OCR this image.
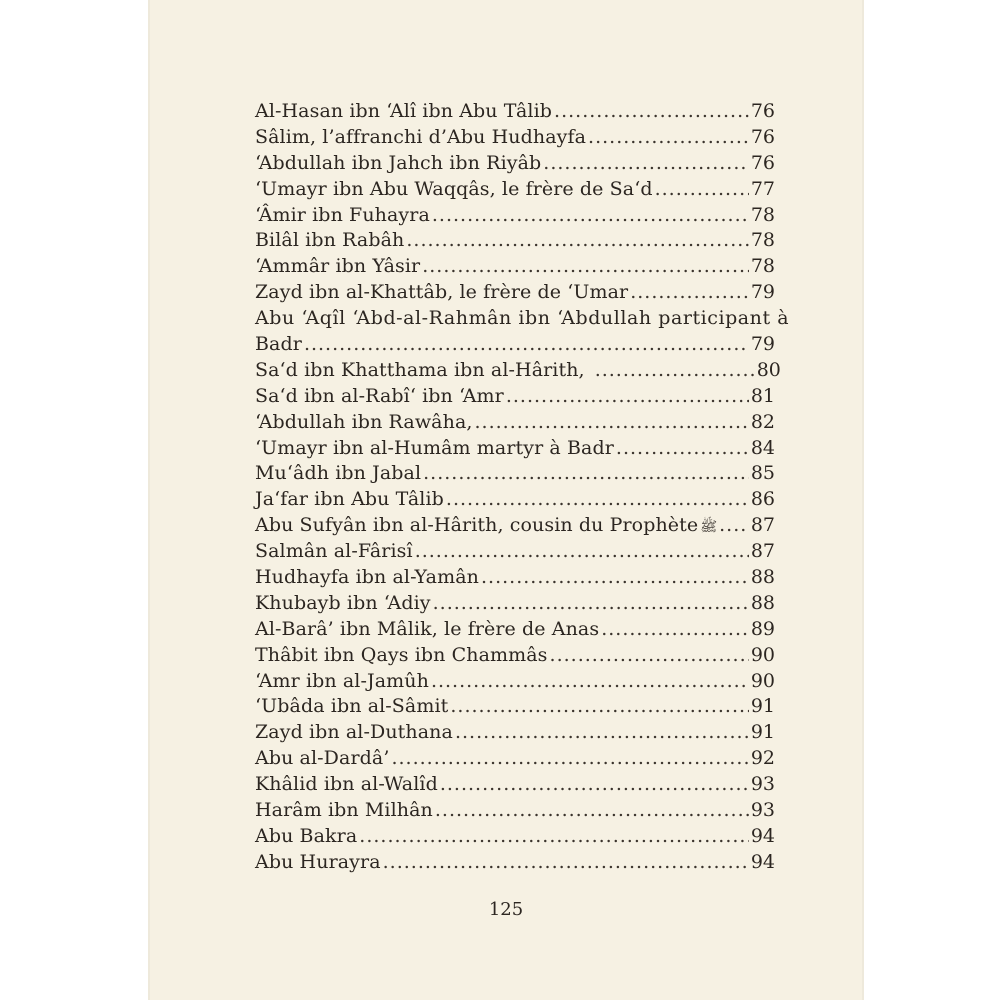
Al-Hasan ibn ‘Alî ibn Abu Tâlib .....	76
Sâlim, l’affranchi d’Abu Hudhayfa .....	76
‘Abdullah ibn Jahch ibn Riyâb .....	76
‘Umayr ibn Abu Waqqâs, le frère de Sa‘d .....	77
‘Âmir ibn Fuhayra .....	78
Bilâl ibn Rabâh .....	78
‘Ammâr ibn Yâsir .....	78
Zayd ibn al-Khattâb, le frère de ‘Umar .....	79
Abu ‘Aqîl ‘Abd-al-Rahmân ibn ‘Abdullah participant à
Badr .....	79
Sa‘d ibn Khatthama ibn al-Hârith, .....	80
Sa‘d ibn al-Rabî‘ ibn ‘Amr .....	81
‘Abdullah ibn Rawâha, .....	82
‘Umayr ibn al-Humâm martyr à Badr .....	84
Mu‘âdh ibn Jabal .....	85
Ja‘far ibn Abu Tâlib .....	86
Abu Sufyân ibn al-Hârith, cousin du Prophète ﷺ ..... 87
Salmân al-Fârisî .....	87
Hudhayfa ibn al-Yamân .....	88
Khubayb ibn ‘Adiy .....	88
Al-Barâ’ ibn Mâlik, le frère de Anas .....	89
Thâbit ibn Qays ibn Chammâs .....	90
‘Amr ibn al-Jamûh .....	90
‘Ubâda ibn al-Sâmit .....	91
Zayd ibn al-Duthana .....	91
Abu al-Dardâ’ .....	92
Khâlid ibn al-Walîd .....	93
Harâm ibn Milhân .....	93
Abu Bakra .....	94
Abu Hurayra .....	94
125
